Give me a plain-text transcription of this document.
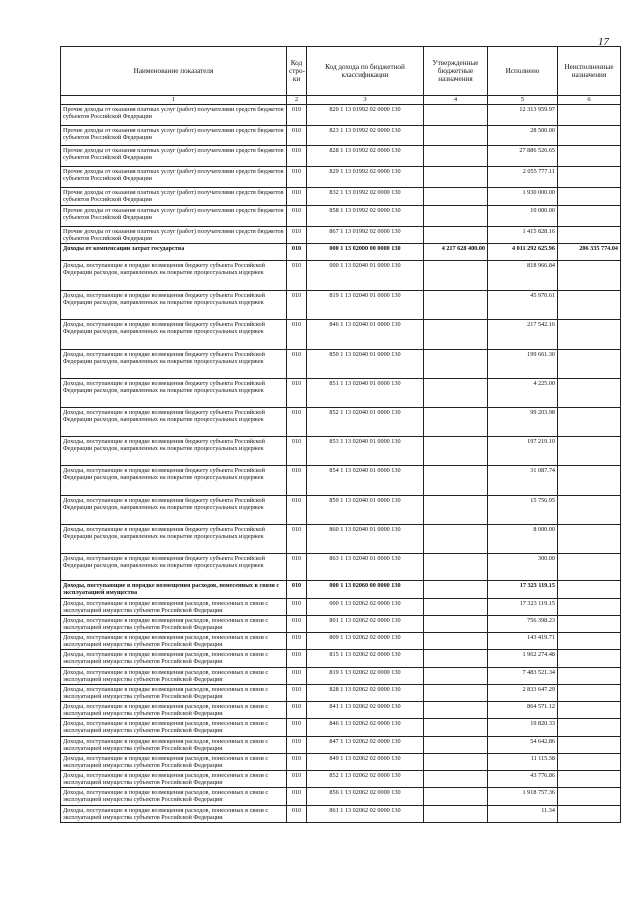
17
Наименование показателя	Код стро-ки	Код дохода по бюджетной классификации	Утвержденные бюджетные назначения	Исполнено	Неисполненные назначения
1	2	3	4	5	6
Прочие доходы от оказания платных услуг (работ) получателями средств бюджетов субъектов Российской Федерации	010	820 1 13 01992 02 0000 130		12 313 959.97	
Прочие доходы от оказания платных услуг (работ) получателями средств бюджетов субъектов Российской Федерации	010	823 1 13 01992 02 0000 130		28 500.00	
Прочие доходы от оказания платных услуг (работ) получателями средств бюджетов субъектов Российской Федерации	010	828 1 13 01992 02 0000 130		27 886 526.65	
Прочие доходы от оказания платных услуг (работ) получателями средств бюджетов субъектов Российской Федерации	010	829 1 13 01992 02 0000 130		2 055 777.11	
Прочие доходы от оказания платных услуг (работ) получателями средств бюджетов субъектов Российской Федерации	010	832 1 13 01992 02 0000 130		1 930 000.00	
Прочие доходы от оказания платных услуг (работ) получателями средств бюджетов субъектов Российской Федерации	010	858 1 13 01992 02 0000 130		10 000.00	
Прочие доходы от оказания платных услуг (работ) получателями средств бюджетов субъектов Российской Федерации	010	867 1 13 01992 02 0000 130		1 415 828.16	
Доходы от компенсации затрат государства	010	000 1 13 02000 00 0000 130	4 217 628 400.00	4 011 292 625.96	206 335 774.04
Доходы, поступающие в порядке возмещения бюджету субъекта Российской Федерации расходов, направленных на покрытие процессуальных издержек	010	000 1 13 02040 01 0000 130		818 966.84	
Доходы, поступающие в порядке возмещения бюджету субъекта Российской Федерации расходов, направленных на покрытие процессуальных издержек	010	819 1 13 02040 01 0000 130		45 970.61	
Доходы, поступающие в порядке возмещения бюджету субъекта Российской Федерации расходов, направленных на покрытие процессуальных издержек	010	846 1 13 02040 01 0000 130		217 542.16	
Доходы, поступающие в порядке возмещения бюджету субъекта Российской Федерации расходов, направленных на покрытие процессуальных издержек	010	850 1 13 02040 01 0000 130		199 661.30	
Доходы, поступающие в порядке возмещения бюджету субъекта Российской Федерации расходов, направленных на покрытие процессуальных издержек	010	851 1 13 02040 01 0000 130		4 225.00	
Доходы, поступающие в порядке возмещения бюджету субъекта Российской Федерации расходов, направленных на покрытие процессуальных издержек	010	852 1 13 02040 01 0000 130		99 203.98	
Доходы, поступающие в порядке возмещения бюджету субъекта Российской Федерации расходов, направленных на покрытие процессуальных издержек	010	853 1 13 02040 01 0000 130		197 219.10	
Доходы, поступающие в порядке возмещения бюджету субъекта Российской Федерации расходов, направленных на покрытие процессуальных издержек	010	854 1 13 02040 01 0000 130		31 087.74	
Доходы, поступающие в порядке возмещения бюджету субъекта Российской Федерации расходов, направленных на покрытие процессуальных издержек	010	859 1 13 02040 01 0000 130		15 756.95	
Доходы, поступающие в порядке возмещения бюджету субъекта Российской Федерации расходов, направленных на покрытие процессуальных издержек	010	860 1 13 02040 01 0000 130		8 000.00	
Доходы, поступающие в порядке возмещения бюджету субъекта Российской Федерации расходов, направленных на покрытие процессуальных издержек	010	863 1 13 02040 01 0000 130		300.00	
Доходы, поступающие в порядке возмещения расходов, понесенных в связи с эксплуатацией имущества	010	000 1 13 02060 00 0000 130		17 323 119.15	
Доходы, поступающие в порядке возмещения расходов, понесенных в связи с эксплуатацией имущества субъектов Российской Федерации	010	000 1 13 02062 02 0000 130		17 323 119.15	
Доходы, поступающие в порядке возмещения расходов, понесенных в связи с эксплуатацией имущества субъектов Российской Федерации	010	801 1 13 02062 02 0000 130		756 398.23	
Доходы, поступающие в порядке возмещения расходов, понесенных в связи с эксплуатацией имущества субъектов Российской Федерации	010	809 1 13 02062 02 0000 130		143 419.71	
Доходы, поступающие в порядке возмещения расходов, понесенных в связи с эксплуатацией имущества субъектов Российской Федерации	010	815 1 13 02062 02 0000 130		1 962 274.48	
Доходы, поступающие в порядке возмещения расходов, понесенных в связи с эксплуатацией имущества субъектов Российской Федерации	010	819 1 13 02062 02 0000 130		7 483 521.34	
Доходы, поступающие в порядке возмещения расходов, понесенных в связи с эксплуатацией имущества субъектов Российской Федерации	010	828 1 13 02062 02 0000 130		2 833 647.29	
Доходы, поступающие в порядке возмещения расходов, понесенных в связи с эксплуатацией имущества субъектов Российской Федерации	010	841 1 13 02062 02 0000 130		864 571.12	
Доходы, поступающие в порядке возмещения расходов, понесенных в связи с эксплуатацией имущества субъектов Российской Федерации	010	846 1 13 02062 02 0000 130		19 820.33	
Доходы, поступающие в порядке возмещения расходов, понесенных в связи с эксплуатацией имущества субъектов Российской Федерации	010	847 1 13 02062 02 0000 130		54 642.86	
Доходы, поступающие в порядке возмещения расходов, понесенных в связи с эксплуатацией имущества субъектов Российской Федерации	010	849 1 13 02062 02 0000 130		11 115.38	
Доходы, поступающие в порядке возмещения расходов, понесенных в связи с эксплуатацией имущества субъектов Российской Федерации	010	852 1 13 02062 02 0000 130		43 776.86	
Доходы, поступающие в порядке возмещения расходов, понесенных в связи с эксплуатацией имущества субъектов Российской Федерации	010	856 1 13 02062 02 0000 130		1 918 757.36	
Доходы, поступающие в порядке возмещения расходов, понесенных в связи с эксплуатацией имущества субъектов Российской Федерации	010	861 1 13 02062 02 0000 130		11.34	
